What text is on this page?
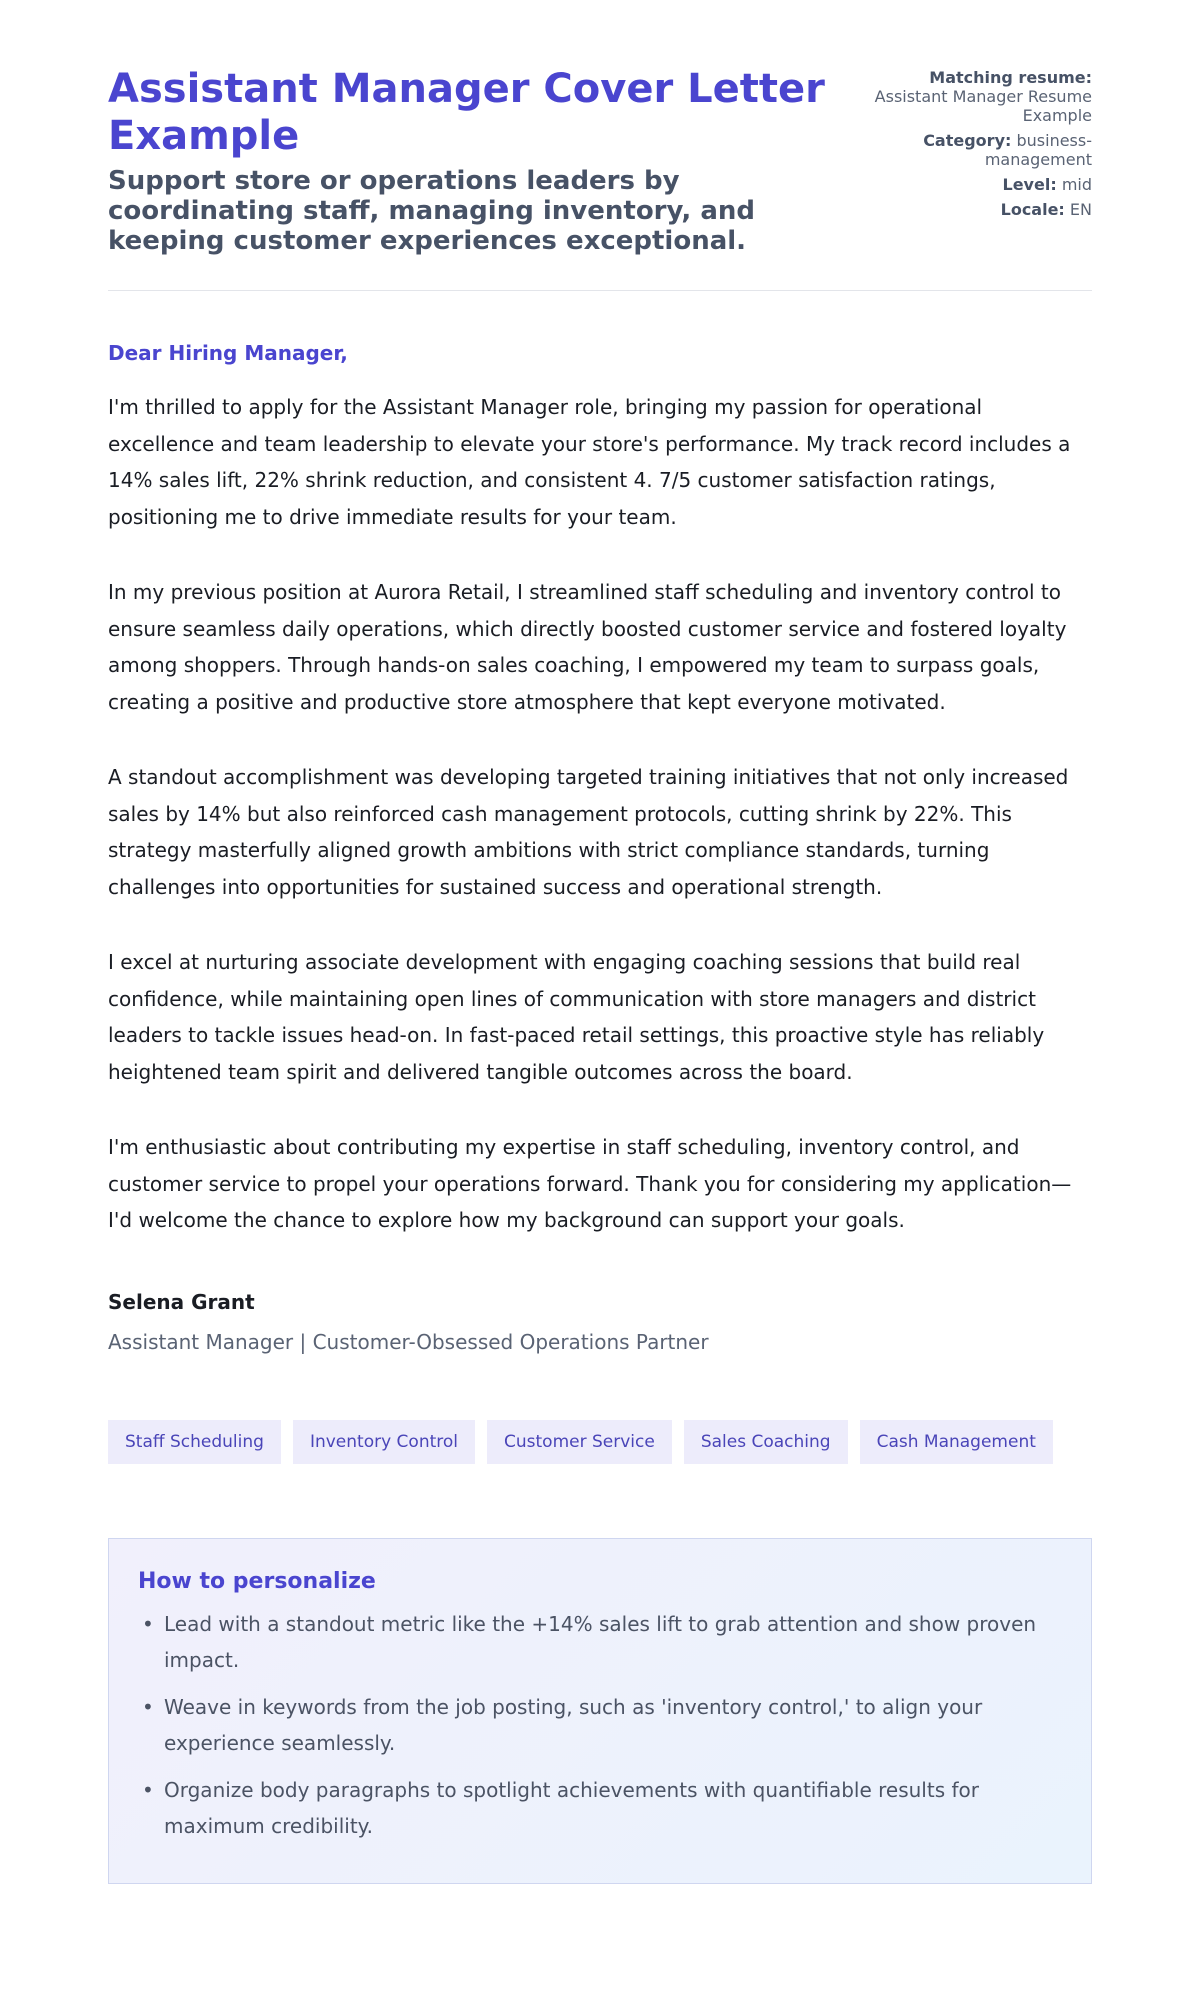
Assistant Manager Cover Letter Example
Support store or operations leaders by coordinating staff, managing inventory, and keeping customer experiences exceptional.
Matching resume:
Assistant Manager Resume Example
Category: business-management
Level: mid
Locale: EN
Dear Hiring Manager,

I'm thrilled to apply for the Assistant Manager role, bringing my passion for operational excellence and team leadership to elevate your store's performance. My track record includes a 14% sales lift, 22% shrink reduction, and consistent 4. 7/5 customer satisfaction ratings, positioning me to drive immediate results for your team.

In my previous position at Aurora Retail, I streamlined staff scheduling and inventory control to ensure seamless daily operations, which directly boosted customer service and fostered loyalty among shoppers. Through hands-on sales coaching, I empowered my team to surpass goals, creating a positive and productive store atmosphere that kept everyone motivated.

A standout accomplishment was developing targeted training initiatives that not only increased sales by 14% but also reinforced cash management protocols, cutting shrink by 22%. This strategy masterfully aligned growth ambitions with strict compliance standards, turning challenges into opportunities for sustained success and operational strength.

I excel at nurturing associate development with engaging coaching sessions that build real confidence, while maintaining open lines of communication with store managers and district leaders to tackle issues head-on. In fast-paced retail settings, this proactive style has reliably heightened team spirit and delivered tangible outcomes across the board.

I'm enthusiastic about contributing my expertise in staff scheduling, inventory control, and customer service to propel your operations forward. Thank you for considering my application—I'd welcome the chance to explore how my background can support your goals.

Selena Grant
Assistant Manager | Customer-Obsessed Operations Partner
Staff Scheduling	Inventory Control	Customer Service	Sales Coaching	Cash Management
How to personalize
• Lead with a standout metric like the +14% sales lift to grab attention and show proven impact.
• Weave in keywords from the job posting, such as 'inventory control,' to align your experience seamlessly.
• Organize body paragraphs to spotlight achievements with quantifiable results for maximum credibility.
